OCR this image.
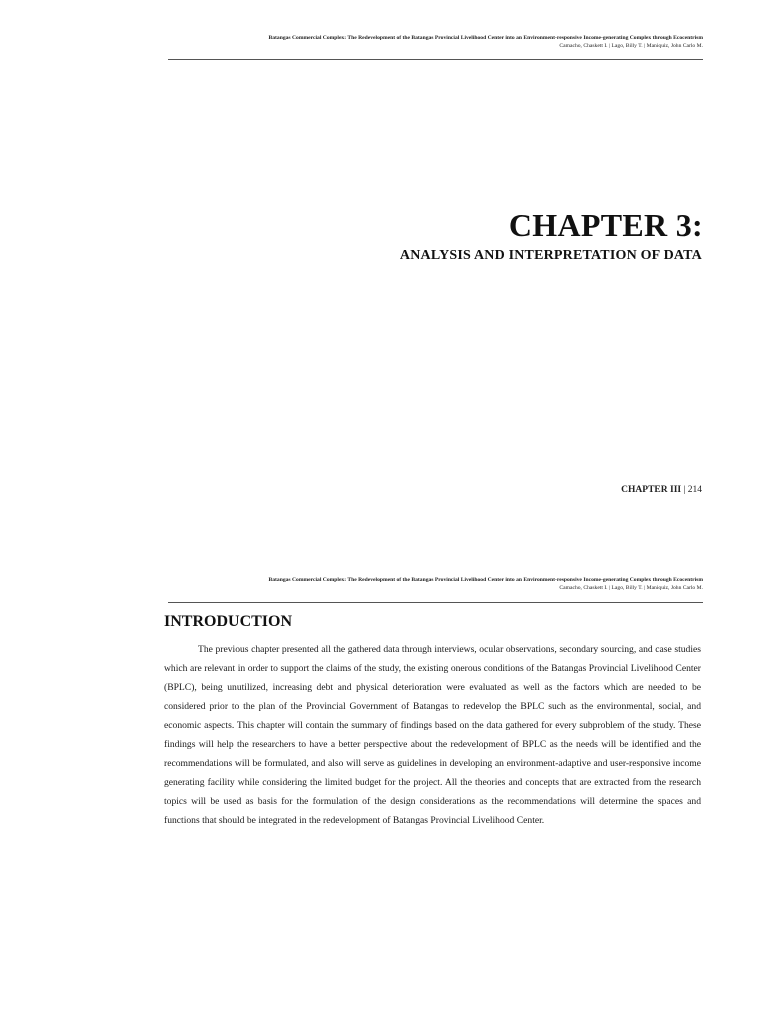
Batangas Commercial Complex: The Redevelopment of the Batangas Provincial Livelihood Center into an Environment-responsive Income-generating Complex through Ecocentrism
Camacho, Chaskett I. | Lago, Billy T. | Maniquiz, John Carlo M.
CHAPTER 3:
ANALYSIS AND INTERPRETATION OF DATA
CHAPTER III | 214
Batangas Commercial Complex: The Redevelopment of the Batangas Provincial Livelihood Center into an Environment-responsive Income-generating Complex through Ecocentrism
Camacho, Chaskett I. | Lago, Billy T. | Maniquiz, John Carlo M.
INTRODUCTION

The previous chapter presented all the gathered data through interviews, ocular observations, secondary sourcing, and case studies which are relevant in order to support the claims of the study, the existing onerous conditions of the Batangas Provincial Livelihood Center (BPLC), being unutilized, increasing debt and physical deterioration were evaluated as well as the factors which are needed to be considered prior to the plan of the Provincial Government of Batangas to redevelop the BPLC such as the environmental, social, and economic aspects. This chapter will contain the summary of findings based on the data gathered for every subproblem of the study. These findings will help the researchers to have a better perspective about the redevelopment of BPLC as the needs will be identified and the recommendations will be formulated, and also will serve as guidelines in developing an environment-adaptive and user-responsive income generating facility while considering the limited budget for the project. All the theories and concepts that are extracted from the research topics will be used as basis for the formulation of the design considerations as the recommendations will determine the spaces and functions that should be integrated in the redevelopment of Batangas Provincial Livelihood Center.
